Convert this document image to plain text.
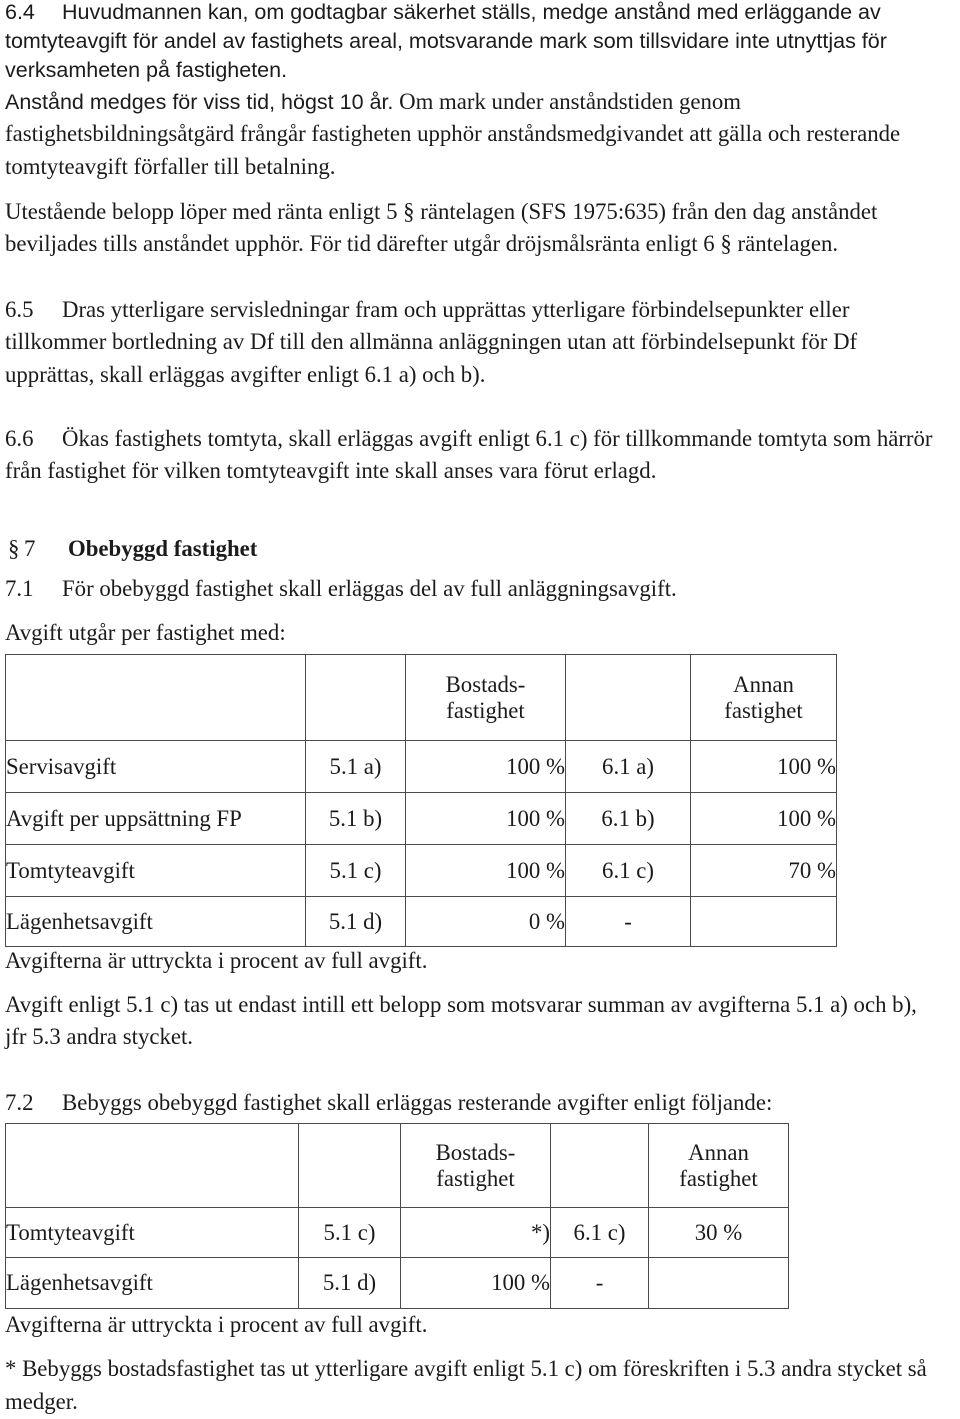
6.4 Huvudmannen kan, om godtagbar säkerhet ställs, medge anstånd med erläggande av
tomtyteavgift för andel av fastighets areal, motsvarande mark som tillsvidare inte utnyttjas för
verksamheten på fastigheten.
Anstånd medges för viss tid, högst 10 år. Om mark under anståndstiden genom
fastighetsbildningsåtgärd frångår fastigheten upphör anståndsmedgivandet att gälla och resterande
tomtyteavgift förfaller till betalning.
Utestående belopp löper med ränta enligt 5 § räntelagen (SFS 1975:635) från den dag anståndet
beviljades tills anståndet upphör. För tid därefter utgår dröjsmålsränta enligt 6 § räntelagen.
6.5 Dras ytterligare servisledningar fram och upprättas ytterligare förbindelsepunkter eller
tillkommer bortledning av Df till den allmänna anläggningen utan att förbindelsepunkt för Df
upprättas, skall erläggas avgifter enligt 6.1 a) och b).
6.6 Ökas fastighets tomtyta, skall erläggas avgift enligt 6.1 c) för tillkommande tomtyta som härrör
från fastighet för vilken tomtyteavgift inte skall anses vara förut erlagd.
§ 7 Obebyggd fastighet
7.1 För obebyggd fastighet skall erläggas del av full anläggningsavgift.
Avgift utgår per fastighet med:

		Bostads-
fastighet		Annan
fastighet

Servisavgift	5.1 a)	100 %	6.1 a)	100 %
Avgift per uppsättning FP	5.1 b)	100 %	6.1 b)	100 %
Tomtyteavgift	5.1 c)	100 %	6.1 c)	70 %
Lägenhetsavgift	5.1 d)	0 %	-	
Avgifterna är uttryckta i procent av full avgift.
Avgift enligt 5.1 c) tas ut endast intill ett belopp som motsvarar summan av avgifterna 5.1 a) och b),
jfr 5.3 andra stycket.
7.2 Bebyggs obebyggd fastighet skall erläggas resterande avgifter enligt följande:

		Bostads-
fastighet		Annan
fastighet

Tomtyteavgift	5.1 c)	*)	6.1 c)	30 %
Lägenhetsavgift	5.1 d)	100 %	-	
Avgifterna är uttryckta i procent av full avgift.
* Bebyggs bostadsfastighet tas ut ytterligare avgift enligt 5.1 c) om föreskriften i 5.3 andra stycket så
medger.
